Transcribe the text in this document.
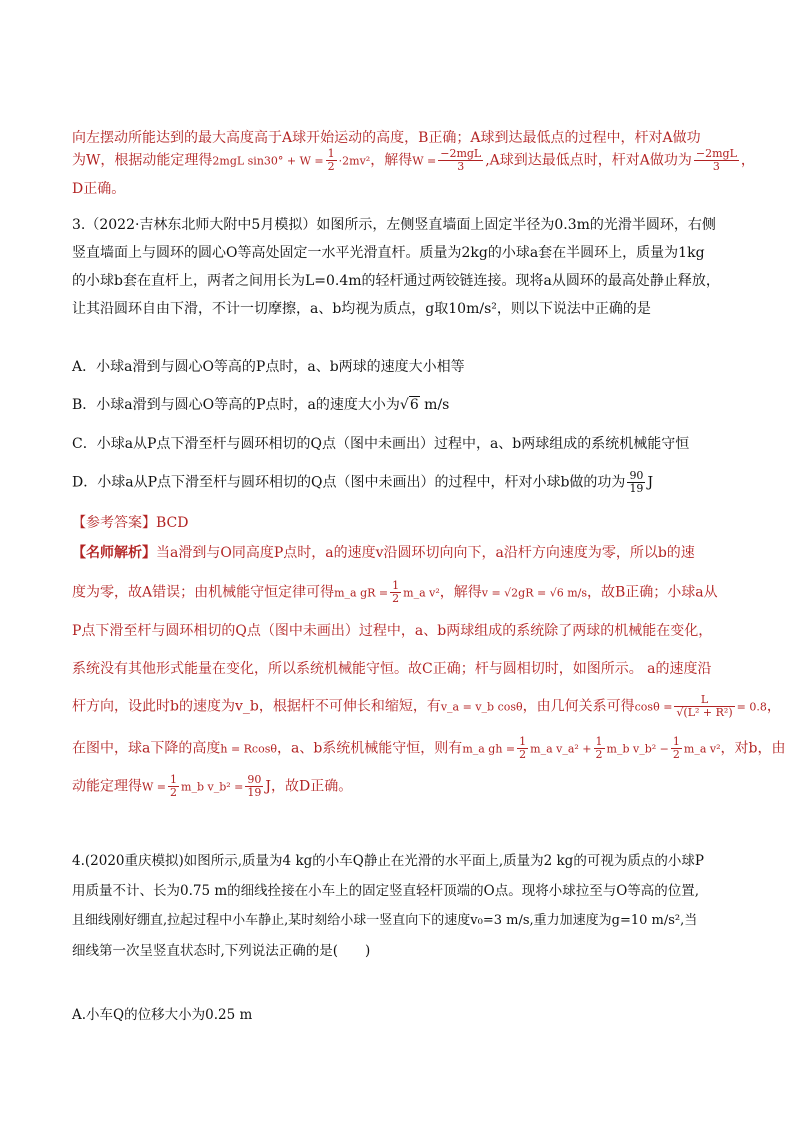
向左摆动所能达到的最大高度高于A球开始运动的高度，B正确；A球到达最低点的过程中，杆对A做功
为W，根据动能定理得2mgL $\sin 30^\circ + W = \frac{1}{2} \cdot 2mv^2$，解得$W = \frac{\text{−2mgL}}{3} ,A$球到达最低点时，杆对A做功为 $\frac{\text{−2mgL}}{3}$ ，
D正确。
3.（2022·吉林东北师大附中5月模拟）如图所示，左侧竖直墙面上固定半径为0.3m的光滑半圆环，右侧
竖直墙面上与圆环的圆心O等高处固定一水平光滑直杆。质量为2kg的小球a套在半圆环上，质量为1kg
的小球b套在直杆上，两者之间用长为L=0.4m的轻杆通过两铰链连接。现将a从圆环的最高处静止释放，
让其沿圆环自由下滑，不计一切摩擦，a、b均视为质点，g取10m/s²，则以下说法中正确的是
A．小球a滑到与圆心O等高的P点时，a、b两球的速度大小相等
B．小球a滑到与圆心O等高的P点时，a的速度大小为√6 m/s
C．小球a从P点下滑至杆与圆环相切的Q点（图中未画出）过程中，a、b两球组成的系统机械能守恒
D．小球a从P点下滑至杆与圆环相切的Q点（图中未画出）的过程中，杆对小球b做的功为 $\frac{90}{19}$ J
【参考答案】BCD
【名师解析】当a滑到与O同高度P点时，a的速度v沿圆环切向向下，a沿杆方向速度为零，所以b的速
度为零，故A错误；由机械能守恒定律可得m_a gR = $\frac{1}{2}$ m_a v²，解得v = √2gR = √6 m/s，故B正确；小球a从
P点下滑至杆与圆环相切的Q点（图中未画出）过程中，a、b两球组成的系统除了两球的机械能在变化，
系统没有其他形式能量在变化，所以系统机械能守恒。故C正确；杆与圆相切时，如图所示。 a的速度沿
杆方向，设此时b的速度为v_b，根据杆不可伸长和缩短，有v_a = v_b cosθ，由几何关系可得$\cos\theta = \frac{L}{\text{√(L² + R²)}} = 0.8$，
在图中，球a下降的高度h = Rcosθ，a、b系统机械能守恒，则有m_a gh = $\frac{1}{2}$ m_a v_a² + $\frac{1}{2}$ m_b v_b² − $\frac{1}{2}$ m_a v²，对b，由
动能定理得$W = \frac{1}{2}$ m_b v_b² = $\frac{90}{19}$ J，故D正确。
4.(2020重庆模拟)如图所示,质量为4 kg的小车Q静止在光滑的水平面上,质量为2 kg的可视为质点的小球P
用质量不计、长为0.75 m的细线拴接在小车上的固定竖直轻杆顶端的O点。现将小球拉至与O等高的位置,
且细线刚好绷直,拉起过程中小车静止,某时刻给小球一竖直向下的速度v₀=3 m/s,重力加速度为g=10 m/s²,当
细线第一次呈竖直状态时,下列说法正确的是(　　)
A.小车Q的位移大小为0.25 m
